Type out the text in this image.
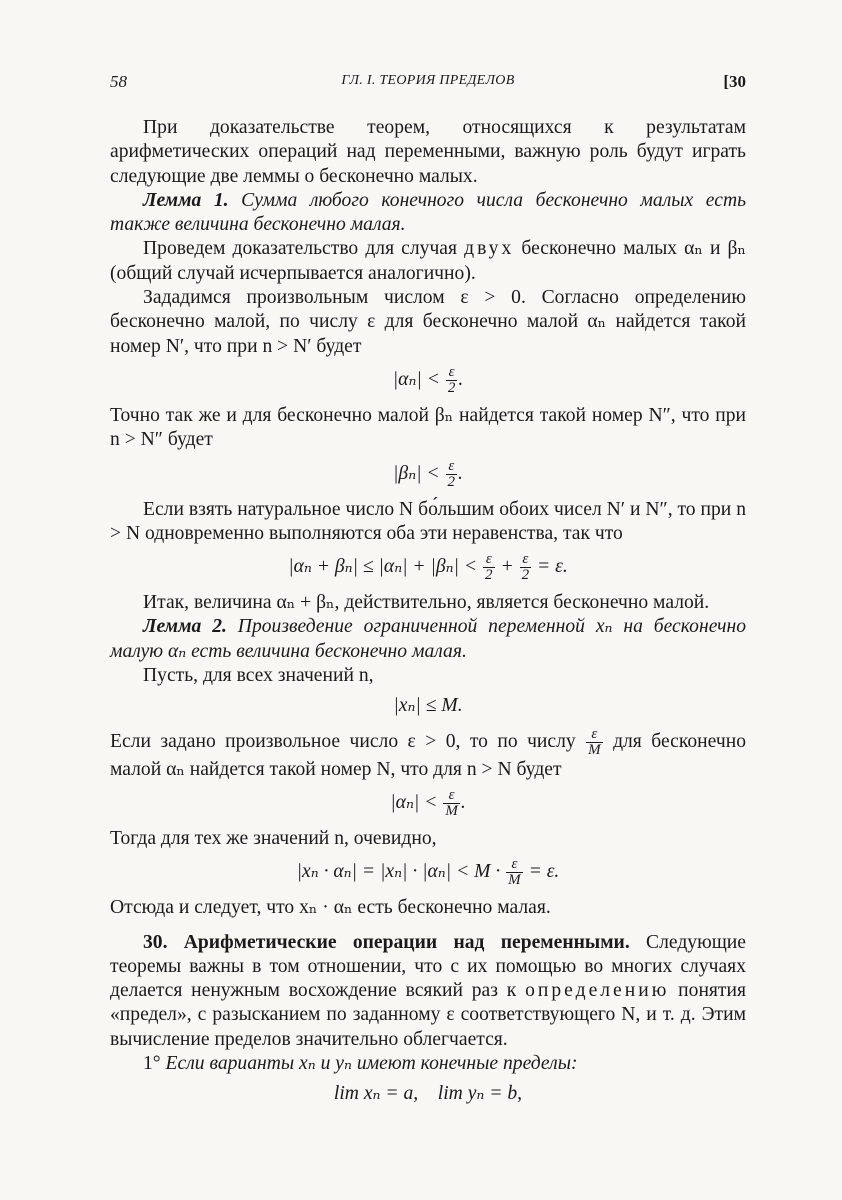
58	ГЛ. I. ТЕОРИЯ ПРЕДЕЛОВ	[30

При доказательстве теорем, относящихся к результатам арифметических операций над переменными, важную роль будут играть следующие две леммы о бесконечно малых.

Лемма 1. Сумма любого конечного числа бесконечно малых есть также величина бесконечно малая.

Проведем доказательство для случая двух бесконечно малых αₙ и βₙ (общий случай исчерпывается аналогично).

Зададимся произвольным числом ε > 0. Согласно определению бесконечно малой, по числу ε для бесконечно малой αₙ найдется такой номер N′, что при n > N′ будет

$|\alpha_n| < \frac{\varepsilon}{2}$ .

Точно так же и для бесконечно малой βₙ найдется такой номер N″, что при n > N″ будет

$|\beta_n| < \frac{\varepsilon}{2}$ .

Если взять натуральное число N бо́льшим обоих чисел N′ и N″, то при n > N одновременно выполняются оба эти неравенства, так что

$|\alpha_n + \beta_n| \le |\alpha_n| + |\beta_n| < \frac{\varepsilon}{2} + \frac{\varepsilon}{2} = \varepsilon$.

Итак, величина αₙ + βₙ, действительно, является бесконечно малой.

Лемма 2. Произведение ограниченной переменной xₙ на бесконечно малую αₙ есть величина бесконечно малая.

Пусть, для всех значений n,

|xₙ| ≤ M.

Если задано произвольное число ε > 0, то по числу $\frac{\varepsilon}{M}$ для бесконечно малой αₙ найдется такой номер N, что для n > N будет

$|\alpha_n| < \frac{\varepsilon}{M}$ .

Тогда для тех же значений n, очевидно,

$|x_n \cdot \alpha_n| = |x_n| \cdot |\alpha_n| < M \cdot \frac{\varepsilon}{M} = \varepsilon$.

Отсюда и следует, что xₙ · αₙ есть бесконечно малая.

30. Арифметические операции над переменными. Следующие теоремы важны в том отношении, что с их помощью во многих случаях делается ненужным восхождение всякий раз к определению понятия «предел», с разысканием по заданному ε соответствующего N, и т. д. Этим вычисление пределов значительно облегчается.

1° Если варианты xₙ и yₙ имеют конечные пределы:

lim xₙ = a,    lim yₙ = b,
